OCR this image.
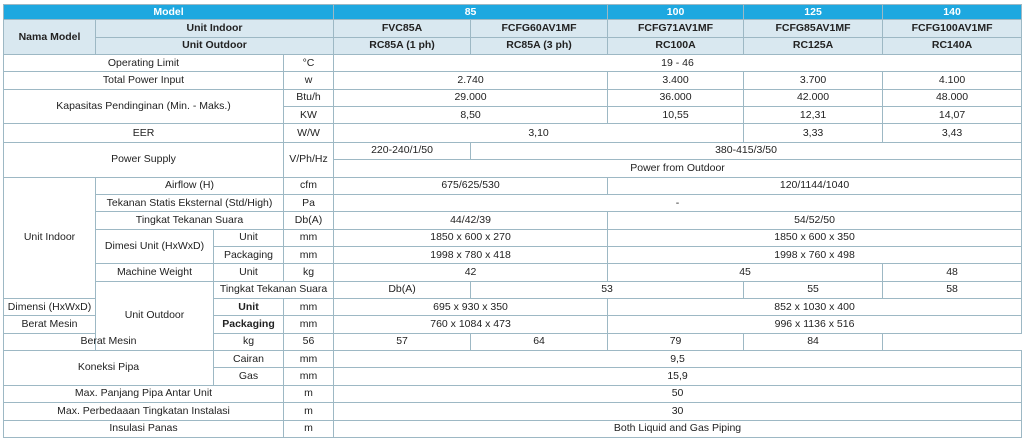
Model				85		100	125	140	
Nama Model	Unit Indoor			FVC85A	FCFG60AV1MF	FCFG71AV1MF	FCFG85AV1MF	FCFG100AV1MF	
	Unit Outdoor			RC85A (1 ph)	RC85A (3 ph)	RC100A	RC125A	RC140A	
Operating Limit			°C	19 - 46					
Total Power Input			w	2.740		3.400	3.700	4.100	
Kapasitas Pendinginan (Min. - Maks.)			Btu/h	29.000		36.000	42.000	48.000	
			KW	8,50		10,55	12,31	14,07	
EER			W/W	3,10			3,33	3,43	
Power Supply			V/Ph/Hz	220-240/1/50	380-415/3/50				
				Power from Outdoor					
Unit Indoor	Airflow (H)		cfm	675/625/530		120/1144/1040			
	Tekanan Statis Eksternal (Std/High)		Pa	-					
	Tingkat Tekanan Suara		Db(A)	44/42/39		54/52/50			
	Dimesi Unit (HxWxD)	Unit	mm	1850 x 600 x 270		1850 x 600 x 350			
		Packaging	mm	1998 x 780 x 418		1998 x 760 x 498			
	Machine Weight	Unit	kg	42		45		48	
	Unit Outdoor	Tingkat Tekanan Suara		Db(A)	53		55	58	
Dimensi (HxWxD)		Unit	mm	695 x 930 x 350		852 x 1030 x 400			
Berat Mesin		Packaging	mm	760 x 1084 x 473		996 x 1136 x 516			
Berat Mesin		kg	56	57	64	79	84		
Koneksi Pipa		Cairan	mm	9,5					
		Gas	mm	15,9					
Max. Panjang Pipa Antar Unit			m	50					
Max. Perbedaaan Tingkatan Instalasi			m	30					
Insulasi Panas			m	Both Liquid and Gas Piping					
